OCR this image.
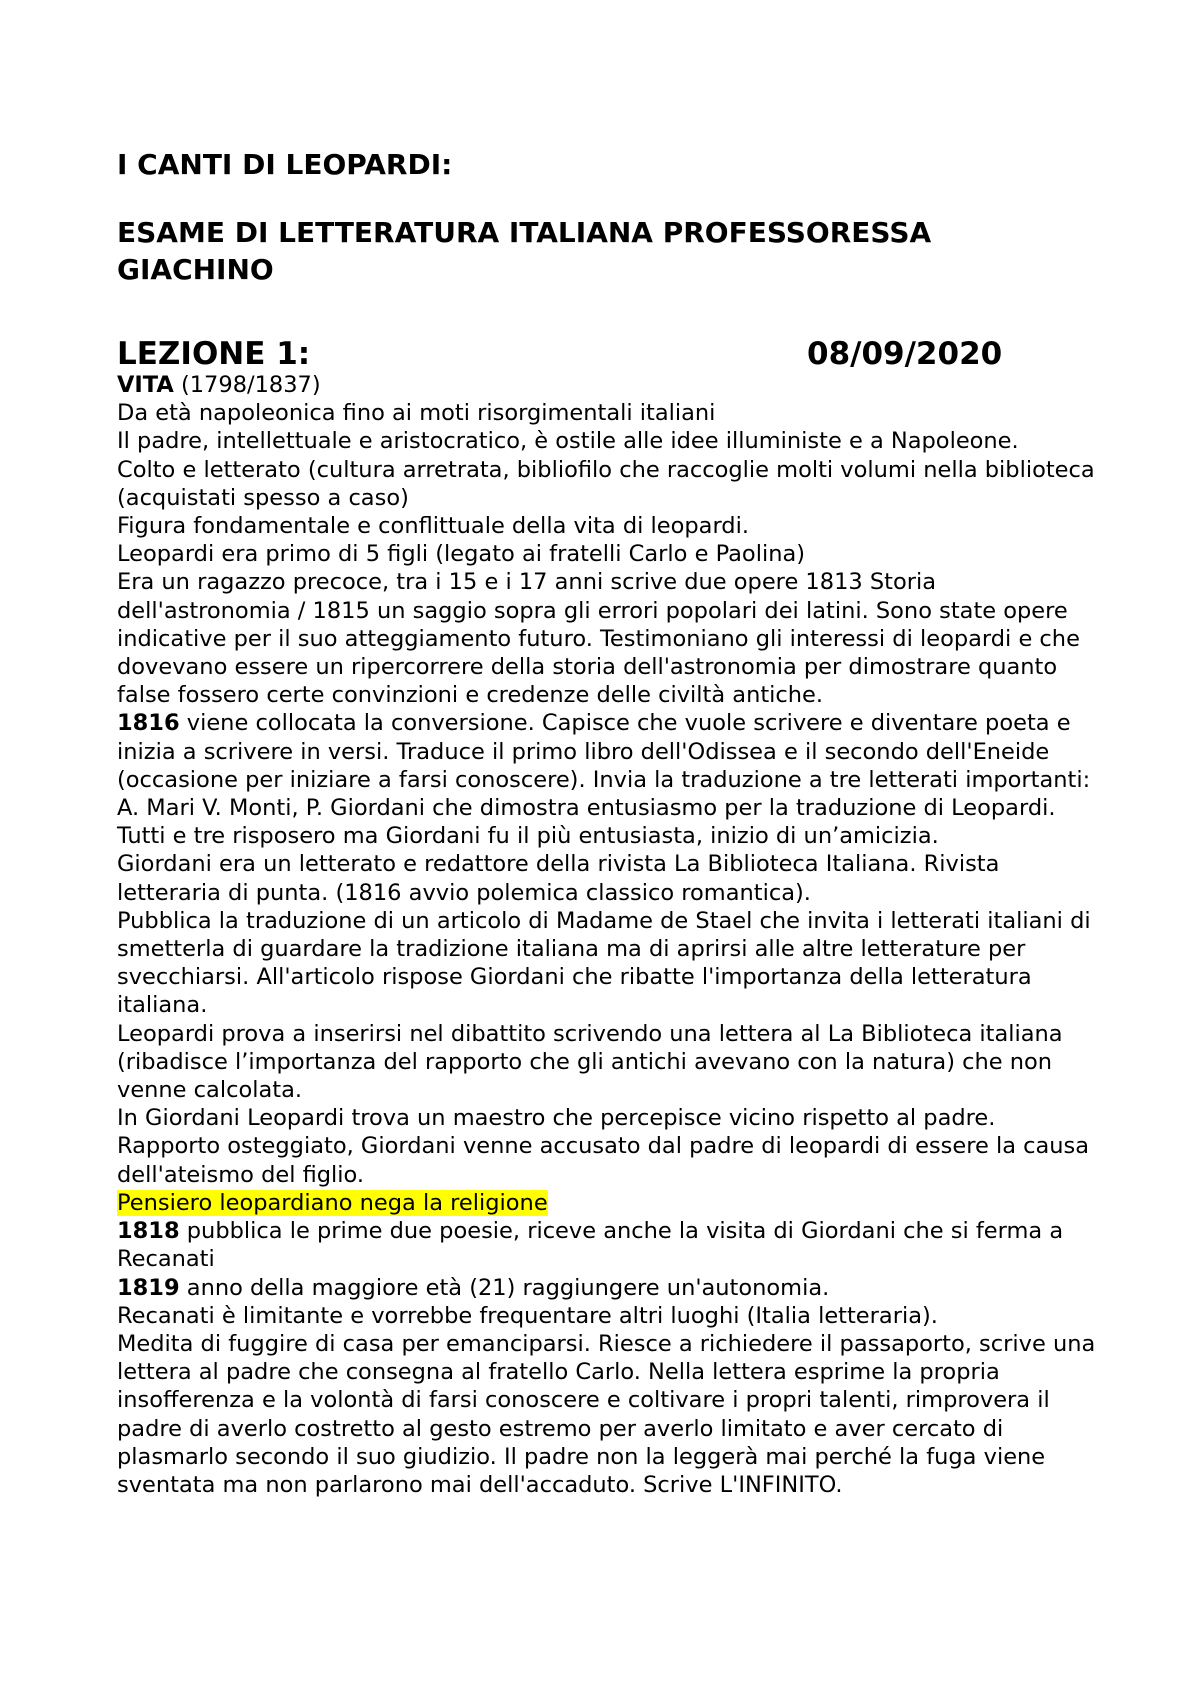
I CANTI DI LEOPARDI:
ESAME DI LETTERATURA ITALIANA PROFESSORESSA
GIACHINO
LEZIONE 1:	08/09/2020

VITA (1798/1837)

Da età napoleonica fino ai moti risorgimentali italiani

Il padre, intellettuale e aristocratico, è ostile alle idee illuministe e a Napoleone.

Colto e letterato (cultura arretrata, bibliofilo che raccoglie molti volumi nella biblioteca (acquistati spesso a caso)

Figura fondamentale e conflittuale della vita di leopardi.

Leopardi era primo di 5 figli (legato ai fratelli Carlo e Paolina)

Era un ragazzo precoce, tra i 15 e i 17 anni scrive due opere 1813 Storia dell'astronomia / 1815 un saggio sopra gli errori popolari dei latini. Sono state opere indicative per il suo atteggiamento futuro. Testimoniano gli interessi di leopardi e che dovevano essere un ripercorrere della storia dell'astronomia per dimostrare quanto false fossero certe convinzioni e credenze delle civiltà antiche.

1816 viene collocata la conversione. Capisce che vuole scrivere e diventare poeta e inizia a scrivere in versi. Traduce il primo libro dell'Odissea e il secondo dell'Eneide (occasione per iniziare a farsi conoscere). Invia la traduzione a tre letterati importanti: A. Mari V. Monti, P. Giordani che dimostra entusiasmo per la traduzione di Leopardi. Tutti e tre risposero ma Giordani fu il più entusiasta, inizio di un’amicizia.

Giordani era un letterato e redattore della rivista La Biblioteca Italiana. Rivista letteraria di punta. (1816 avvio polemica classico romantica).

Pubblica la traduzione di un articolo di Madame de Stael che invita i letterati italiani di smetterla di guardare la tradizione italiana ma di aprirsi alle altre letterature per svecchiarsi. All'articolo rispose Giordani che ribatte l'importanza della letteratura italiana.

Leopardi prova a inserirsi nel dibattito scrivendo una lettera al La Biblioteca italiana (ribadisce l’importanza del rapporto che gli antichi avevano con la natura) che non venne calcolata.

In Giordani Leopardi trova un maestro che percepisce vicino rispetto al padre.

Rapporto osteggiato, Giordani venne accusato dal padre di leopardi di essere la causa dell'ateismo del figlio.

Pensiero leopardiano nega la religione

1818 pubblica le prime due poesie, riceve anche la visita di Giordani che si ferma a Recanati

1819 anno della maggiore età (21) raggiungere un'autonomia.

Recanati è limitante e vorrebbe frequentare altri luoghi (Italia letteraria).

Medita di fuggire di casa per emanciparsi. Riesce a richiedere il passaporto, scrive una lettera al padre che consegna al fratello Carlo. Nella lettera esprime la propria insofferenza e la volontà di farsi conoscere e coltivare i propri talenti, rimprovera il padre di averlo costretto al gesto estremo per averlo limitato e aver cercato di plasmarlo secondo il suo giudizio. Il padre non la leggerà mai perché la fuga viene sventata ma non parlarono mai dell'accaduto. Scrive L'INFINITO.
